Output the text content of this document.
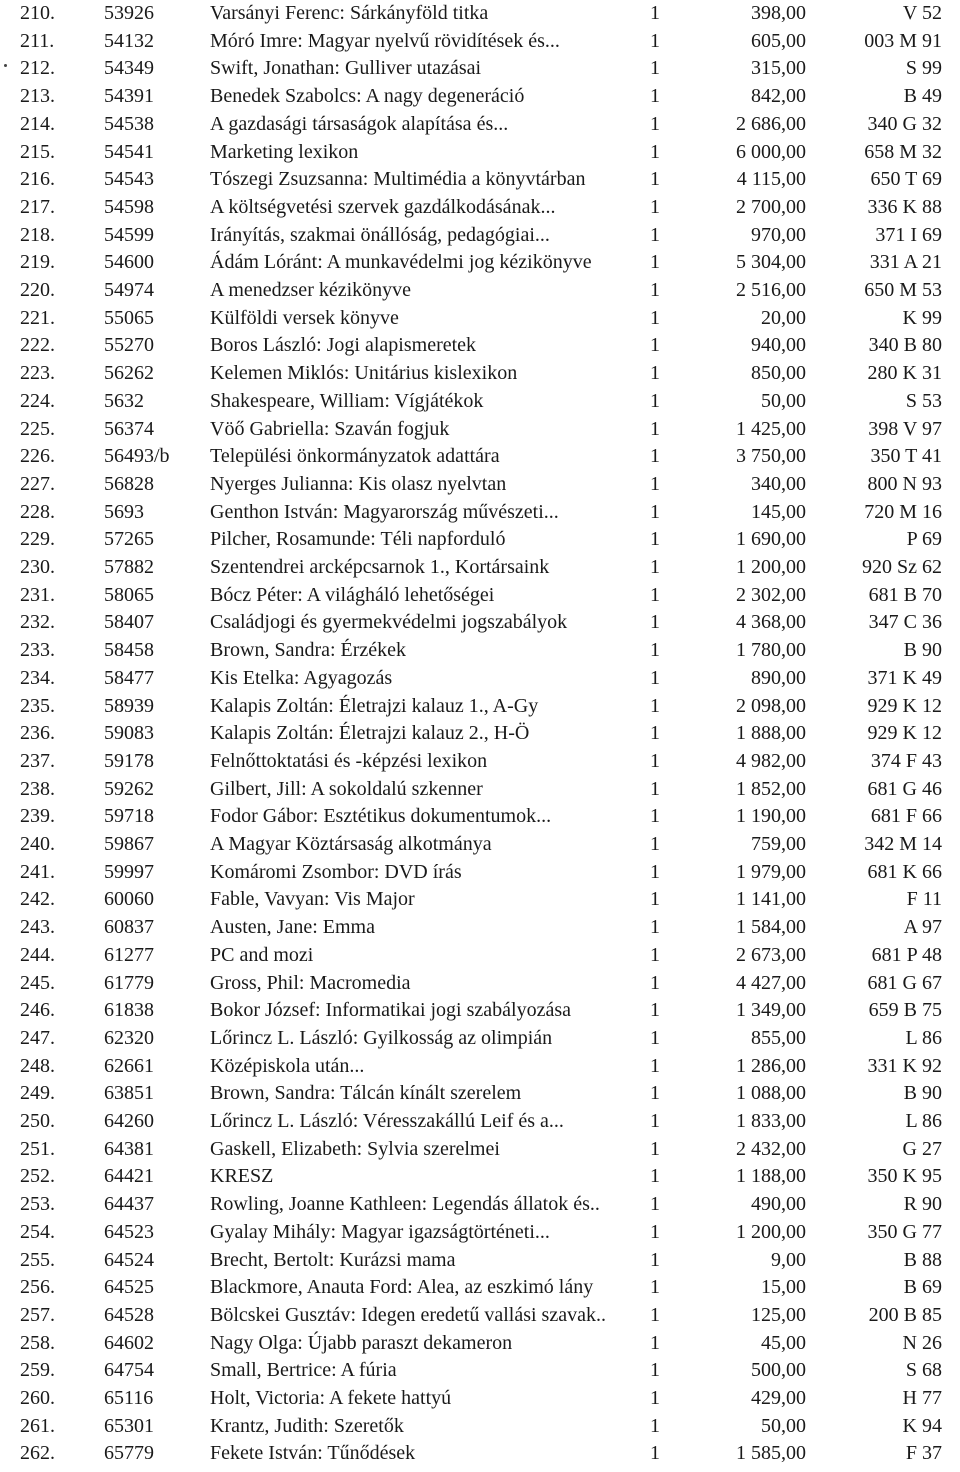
210.	53926	Varsányi Ferenc: Sárkányföld titka	1	398,00	V 52
211.	54132	Móró Imre: Magyar nyelvű rövidítések és...	1	605,00	003 M 91
212.	54349	Swift, Jonathan: Gulliver utazásai	1	315,00	S 99
213.	54391	Benedek Szabolcs: A nagy degeneráció	1	842,00	B 49
214.	54538	A gazdasági társaságok alapítása és...	1	2 686,00	340 G 32
215.	54541	Marketing lexikon	1	6 000,00	658 M 32
216.	54543	Tószegi Zsuzsanna: Multimédia a könyvtárban	1	4 115,00	650 T 69
217.	54598	A költségvetési szervek gazdálkodásának...	1	2 700,00	336 K 88
218.	54599	Irányítás, szakmai önállóság, pedagógiai...	1	970,00	371 I 69
219.	54600	Ádám Lóránt: A munkavédelmi jog kézikönyve	1	5 304,00	331 A 21
220.	54974	A menedzser kézikönyve	1	2 516,00	650 M 53
221.	55065	Külföldi versek könyve	1	20,00	K 99
222.	55270	Boros László: Jogi alapismeretek	1	940,00	340 B 80
223.	56262	Kelemen Miklós: Unitárius kislexikon	1	850,00	280 K 31
224.	5632	Shakespeare, William: Vígjátékok	1	50,00	S 53
225.	56374	Vöő Gabriella: Szaván fogjuk	1	1 425,00	398 V 97
226.	56493/b	Települési önkormányzatok adattára	1	3 750,00	350 T 41
227.	56828	Nyerges Julianna: Kis olasz nyelvtan	1	340,00	800 N 93
228.	5693	Genthon István: Magyarország művészeti...	1	145,00	720 M 16
229.	57265	Pilcher, Rosamunde: Téli napforduló	1	1 690,00	P 69
230.	57882	Szentendrei arcképcsarnok 1., Kortársaink	1	1 200,00	920 Sz 62
231.	58065	Bócz Péter: A világháló lehetőségei	1	2 302,00	681 B 70
232.	58407	Családjogi és gyermekvédelmi jogszabályok	1	4 368,00	347 C 36
233.	58458	Brown, Sandra: Érzékek	1	1 780,00	B 90
234.	58477	Kis Etelka: Agyagozás	1	890,00	371 K 49
235.	58939	Kalapis Zoltán: Életrajzi kalauz 1., A-Gy	1	2 098,00	929 K 12
236.	59083	Kalapis Zoltán: Életrajzi kalauz 2., H-Ö	1	1 888,00	929 K 12
237.	59178	Felnőttoktatási és -képzési lexikon	1	4 982,00	374 F 43
238.	59262	Gilbert, Jill: A sokoldalú szkenner	1	1 852,00	681 G 46
239.	59718	Fodor Gábor: Esztétikus dokumentumok...	1	1 190,00	681 F 66
240.	59867	A Magyar Köztársaság alkotmánya	1	759,00	342 M 14
241.	59997	Komáromi Zsombor: DVD írás	1	1 979,00	681 K 66
242.	60060	Fable, Vavyan: Vis Major	1	1 141,00	F 11
243.	60837	Austen, Jane: Emma	1	1 584,00	A 97
244.	61277	PC and mozi	1	2 673,00	681 P 48
245.	61779	Gross, Phil: Macromedia	1	4 427,00	681 G 67
246.	61838	Bokor József: Informatikai jogi szabályozása	1	1 349,00	659 B 75
247.	62320	Lőrincz L. László: Gyilkosság az olimpián	1	855,00	L 86
248.	62661	Középiskola után...	1	1 286,00	331 K 92
249.	63851	Brown, Sandra: Tálcán kínált szerelem	1	1 088,00	B 90
250.	64260	Lőrincz L. László: Véresszakállú Leif és a...	1	1 833,00	L 86
251.	64381	Gaskell, Elizabeth: Sylvia szerelmei	1	2 432,00	G 27
252.	64421	KRESZ	1	1 188,00	350 K 95
253.	64437	Rowling, Joanne Kathleen: Legendás állatok és..	1	490,00	R 90
254.	64523	Gyalay Mihály: Magyar igazságtörténeti...	1	1 200,00	350 G 77
255.	64524	Brecht, Bertolt: Kurázsi mama	1	9,00	B 88
256.	64525	Blackmore, Anauta Ford: Alea, az eszkimó lány	1	15,00	B 69
257.	64528	Bölcskei Gusztáv: Idegen eredetű vallási szavak..	1	125,00	200 B 85
258.	64602	Nagy Olga: Újabb paraszt dekameron	1	45,00	N 26
259.	64754	Small, Bertrice: A fúria	1	500,00	S 68
260.	65116	Holt, Victoria: A fekete hattyú	1	429,00	H 77
261.	65301	Krantz, Judith: Szeretők	1	50,00	K 94
262.	65779	Fekete István: Tűnődések	1	1 585,00	F 37
